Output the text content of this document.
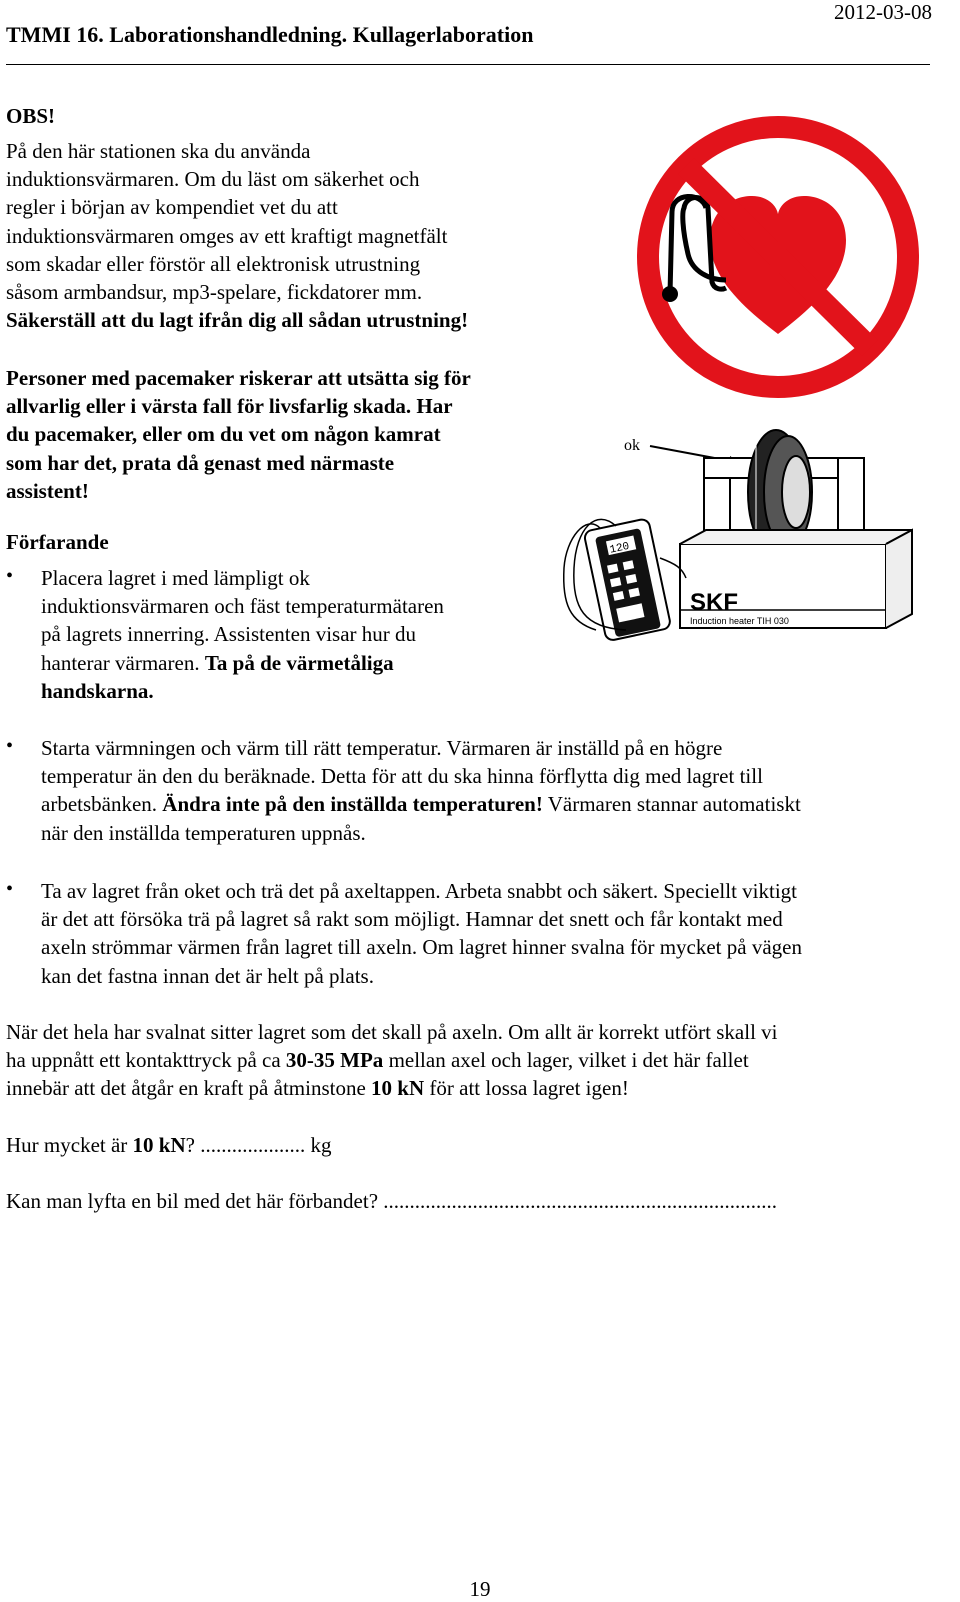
TMMI 16. Laborationshandledning. Kullagerlaboration
2012-03-08
OBS!
På den här stationen ska du använda
induktionsvärmaren. Om du läst om säkerhet och
regler i början av kompendiet vet du att
induktionsvärmaren omges av ett kraftigt magnetfält
som skadar eller förstör all elektronisk utrustning
såsom armbandsur, mp3-spelare, fickdatorer mm.
Säkerställ att du lagt ifrån dig all sådan utrustning!
Personer med pacemaker riskerar att utsätta sig för
allvarlig eller i värsta fall för livsfarlig skada. Har
du pacemaker, eller om du vet om någon kamrat
som har det, prata då genast med närmaste
assistent!
ok
SKF
Induction heater TIH 030
120
Förfarande
• Placera lagret i med lämpligt ok
induktionsvärmaren och fäst temperaturmätaren
på lagrets innerring. Assistenten visar hur du
hanterar värmaren. Ta på de värmetåliga
handskarna.
• Starta värmningen och värm till rätt temperatur. Värmaren är inställd på en högre
temperatur än den du beräknade. Detta för att du ska hinna förflytta dig med lagret till
arbetsbänken. Ändra inte på den inställda temperaturen! Värmaren stannar automatiskt
när den inställda temperaturen uppnås.
• Ta av lagret från oket och trä det på axeltappen. Arbeta snabbt och säkert. Speciellt viktigt
är det att försöka trä på lagret så rakt som möjligt. Hamnar det snett och får kontakt med
axeln strömmar värmen från lagret till axeln. Om lagret hinner svalna för mycket på vägen
kan det fastna innan det är helt på plats.
När det hela har svalnat sitter lagret som det skall på axeln. Om allt är korrekt utfört skall vi
ha uppnått ett kontakttryck på ca 30-35 MPa mellan axel och lager, vilket i det här fallet
innebär att det åtgår en kraft på åtminstone 10 kN för att lossa lagret igen!
Hur mycket är 10 kN? .................... kg
Kan man lyfta en bil med det här förbandet? ...........................................................................
19
